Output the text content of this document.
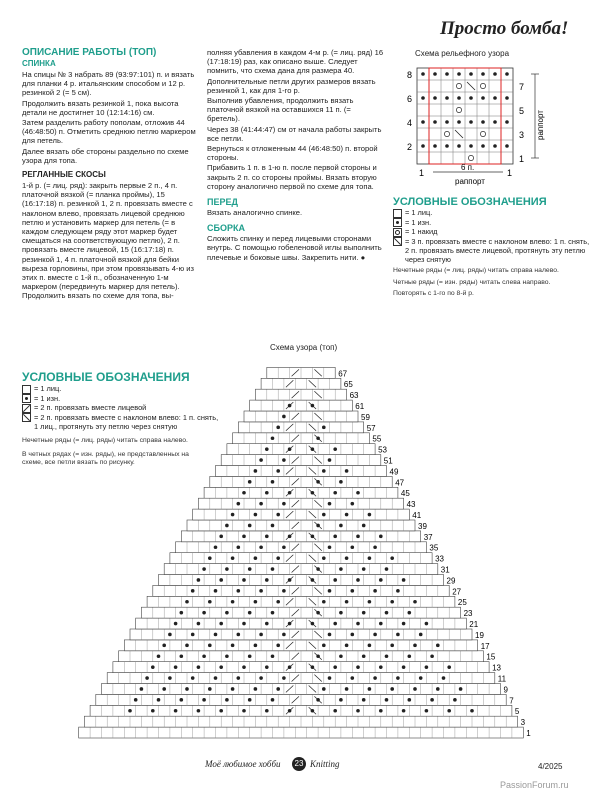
Просто бомба!
ОПИСАНИЕ РАБОТЫ (ТОП)
СПИНКА

На спицы № 3 набрать 89 (93:97:101) п. и вязать для планки 4 р. итальянским способом и 12 р. резинкой 2 (= 5 см).

Продолжить вязать резинкой 1, пока высота детали не достигнет 10 (12:14:16) см.

Затем разделить работу пополам, отложив 44 (46:48:50) п. Отметить среднюю петлю маркером для петель.

Далее вязать обе стороны раздельно по схеме узора для топа.

РЕГЛАННЫЕ СКОСЫ

1-й р. (= лиц. ряд): закрыть первые 2 п., 4 п. платочной вязкой (= планка проймы), 15 (16:17:18) п. резинкой 1, 2 п. провязать вместе с наклоном влево, провязать лицевой среднюю петлю и установить маркер для петель (= в каждом следующем ряду этот маркер будет смещаться на соответствующую петлю), 2 п. провязать вместе лицевой, 15 (16:17:18) п. резинкой 1, 4 п. платочной вязкой для бейки выреза горловины, при этом провязывать 4-ю из этих п. вместе с 1-й п., обозначенную 1-м маркером (передвинуть маркер для петель). Продолжить вязать по схеме для топа, вы-

полняя убавления в каждом 4-м р. (= лиц. ряд) 16 (17:18:19) раз, как описано выше. Следует помнить, что схема дана для размера 40.

Дополнительные петли других размеров вязать резинкой 1, как для 1-го р.

Выполнив убавления, продолжить вязать платочной вязкой на оставшихся 11 п. (= бретель).

Через 38 (41:44:47) см от начала работы закрыть все петли.

Вернуться к отложенным 44 (46:48:50) п. второй стороны.

Прибавить 1 п. в 1-ю п. после первой стороны и закрыть 2 п. со стороны проймы. Вязать вторую сторону аналогично первой по схеме для топа.

ПЕРЕД

Вязать аналогично спинке.

СБОРКА

Сложить спинку и перед лицевыми сторонами внутрь. С помощью гобеленовой иглы выполнить плечевые и боковые швы. Закрепить нити. ●

Схема рельефного узора
8
6
4
2
7
5
3
1
раппорт
1	1
6 п.
раппорт
УСЛОВНЫЕ ОБОЗНАЧЕНИЯ
= 1 лиц.
= 1 изн.
= 1 накид
= 3 п. провязать вместе с наклоном влево: 1 п. снять, 2 п. провязать вместе лицевой, протянуть эту петлю через снятую
Нечетные ряды (= лиц. ряды) читать справа налево.
Четные ряды (= изн. ряды) читать слева направо.
Повторять с 1-го по 8-й р.
УСЛОВНЫЕ ОБОЗНАЧЕНИЯ
= 1 лиц.
= 1 изн.
= 2 п. провязать вместе лицевой
= 2 п. провязать вместе с наклоном влево: 1 п. снять, 1 лиц., протянуть эту петлю через снятую
Нечетные ряды (= лиц. ряды) читать справа налево.
В четных рядах (= изн. ряды), не представленных на схеме, все петли вязать по рисунку.
Схема узора (топ)
1
3
5
7
9
11
13
15
17
19
21
23
25
27
29
31
33
35
37
39
41
43
45
47
49
51
53
55
57
59
61
63
65
67
Моё любимое хобби	23 Knitting	4/2025
PassionForum.ru
